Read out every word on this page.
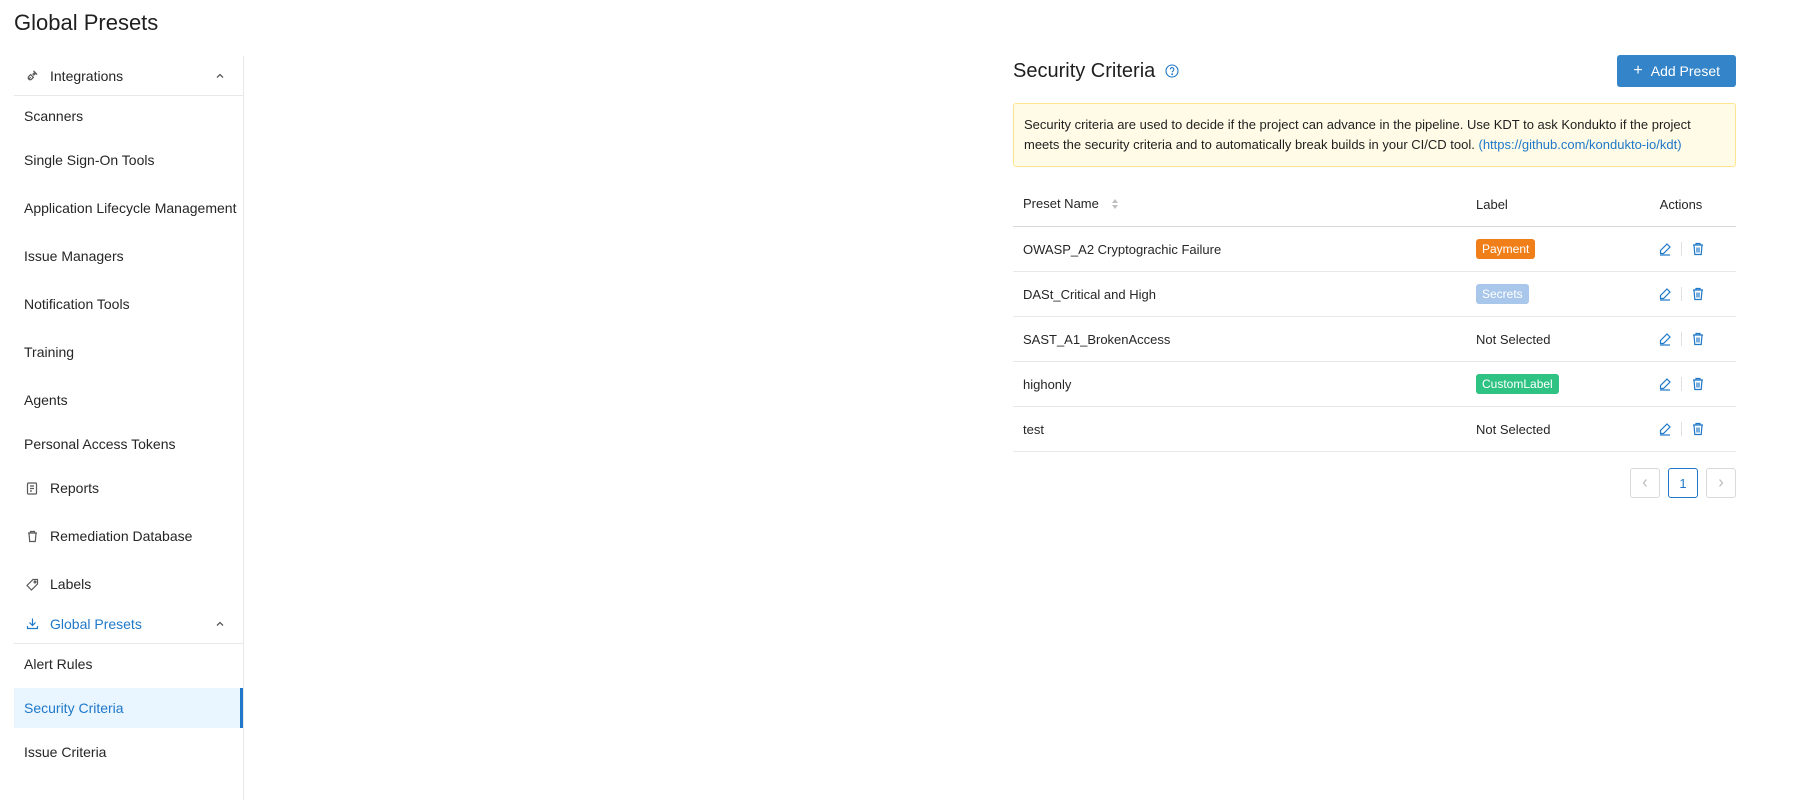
Global Presets
Integrations
Scanners
Single Sign-On Tools
Application Lifecycle Management
Issue Managers
Notification Tools
Training
Agents
Personal Access Tokens
Reports
Remediation Database
Labels
Global Presets
Alert Rules
Security Criteria
Issue Criteria
Security Criteria	+ Add Preset
Security criteria are used to decide if the project can advance in the pipeline. Use KDT to ask Kondukto if the project meets the security criteria and to automatically break builds in your CI/CD tool. (https://github.com/kondukto-io/kdt)
Preset Name	Label	Actions
OWASP_A2 Cryptograchic Failure	Payment	

DASt_Critical and High	Secrets	

SAST_A1_BrokenAccess	Not Selected	

highonly	CustomLabel	

test	Not Selected	
1
